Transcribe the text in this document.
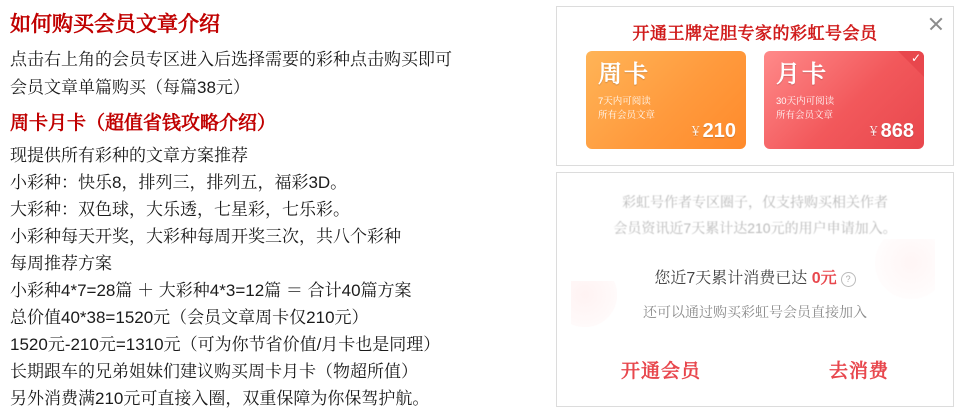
如何购买会员文章介绍

点击右上角的会员专区进入后选择需要的彩种点击购买即可

会员文章单篇购买（每篇38元）

周卡月卡（超值省钱攻略介绍）

现提供所有彩种的文章方案推荐

小彩种：快乐8，排列三，排列五，福彩3D。

大彩种：双色球，大乐透，七星彩，七乐彩。

小彩种每天开奖，大彩种每周开奖三次，共八个彩种

每周推荐方案

小彩种4*7=28篇 ＋ 大彩种4*3=12篇 ＝ 合计40篇方案

总价值40*38=1520元（会员文章周卡仅210元）

1520元-210元=1310元（可为你节省价值/月卡也是同理）

长期跟车的兄弟姐妹们建议购买周卡月卡（物超所值）

另外消费满210元可直接入圈，双重保障为你保驾护航。

开通王牌定胆专家的彩虹号会员
周卡
7天内可阅读
所有会员文章
￥210
✓
月卡
30天内可阅读
所有会员文章
￥868
彩虹号作者专区圈子，仅支持购买相关作者
会员资讯近7天累计达210元的用户申请加入。
您近7天累计消费已达 0元 ?
还可以通过购买彩虹号会员直接加入
开通会员	去消费
